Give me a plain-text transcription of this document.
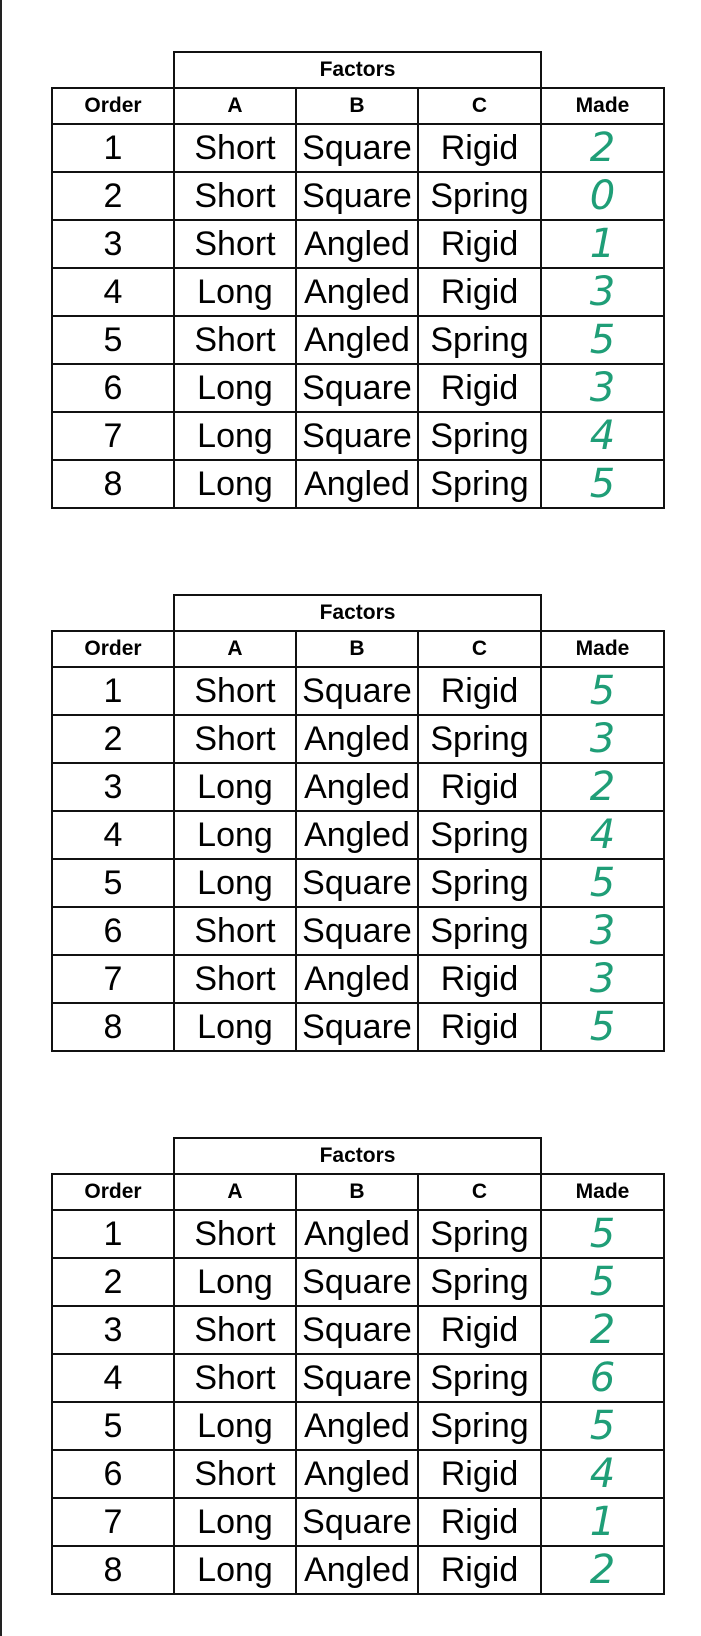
	Factors			
Order	A	B	C	Made
1	Short	Square	Rigid	2
2	Short	Square	Spring	0
3	Short	Angled	Rigid	1
4	Long	Angled	Rigid	3
5	Short	Angled	Spring	5
6	Long	Square	Rigid	3
7	Long	Square	Spring	4
8	Long	Angled	Spring	5
	Factors			
Order	A	B	C	Made
1	Short	Square	Rigid	5
2	Short	Angled	Spring	3
3	Long	Angled	Rigid	2
4	Long	Angled	Spring	4
5	Long	Square	Spring	5
6	Short	Square	Spring	3
7	Short	Angled	Rigid	3
8	Long	Square	Rigid	5
	Factors			
Order	A	B	C	Made
1	Short	Angled	Spring	5
2	Long	Square	Spring	5
3	Short	Square	Rigid	2
4	Short	Square	Spring	6
5	Long	Angled	Spring	5
6	Short	Angled	Rigid	4
7	Long	Square	Rigid	1
8	Long	Angled	Rigid	2
